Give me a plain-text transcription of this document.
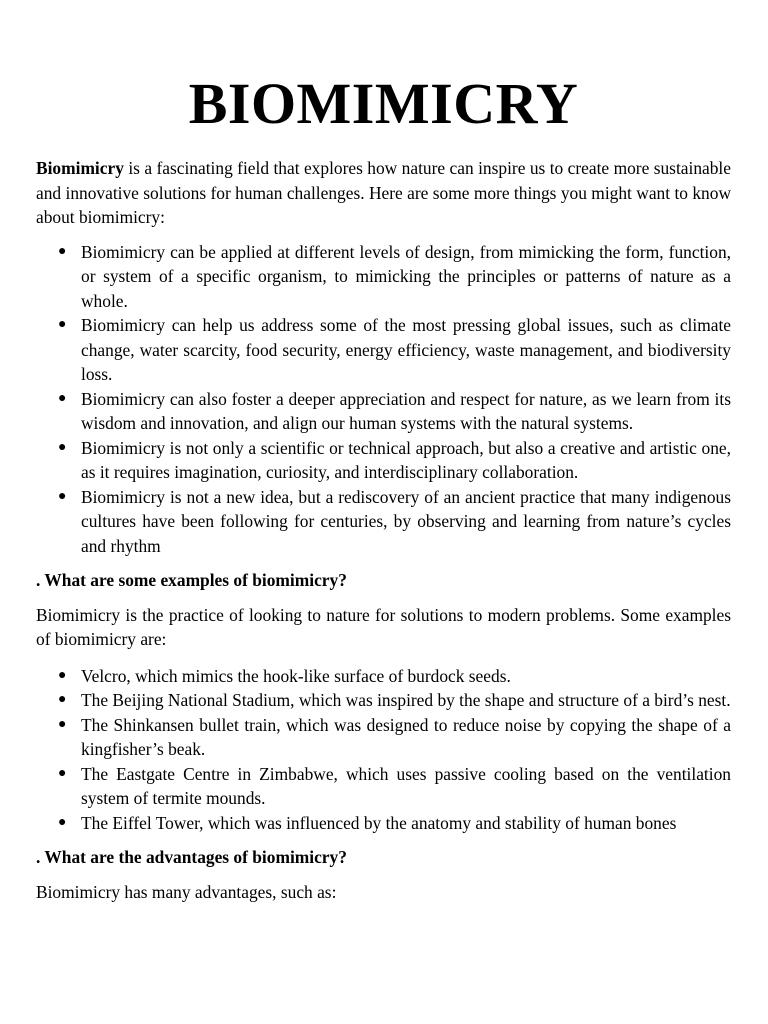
BIOMIMICRY

Biomimicry is a fascinating field that explores how nature can inspire us to create more sustainable and innovative solutions for human challenges. Here are some more things you might want to know about biomimicry:

● Biomimicry can be applied at different levels of design, from mimicking the form, function, or system of a specific organism, to mimicking the principles or patterns of nature as a whole.
● Biomimicry can help us address some of the most pressing global issues, such as climate change, water scarcity, food security, energy efficiency, waste management, and biodiversity loss.
● Biomimicry can also foster a deeper appreciation and respect for nature, as we learn from its wisdom and innovation, and align our human systems with the natural systems.
● Biomimicry is not only a scientific or technical approach, but also a creative and artistic one, as it requires imagination, curiosity, and interdisciplinary collaboration.
● Biomimicry is not a new idea, but a rediscovery of an ancient practice that many indigenous cultures have been following for centuries, by observing and learning from nature’s cycles and rhythm

. What are some examples of biomimicry?

Biomimicry is the practice of looking to nature for solutions to modern problems. Some examples of biomimicry are:

● Velcro, which mimics the hook-like surface of burdock seeds.
● The Beijing National Stadium, which was inspired by the shape and structure of a bird’s nest.
● The Shinkansen bullet train, which was designed to reduce noise by copying the shape of a kingfisher’s beak.
● The Eastgate Centre in Zimbabwe, which uses passive cooling based on the ventilation system of termite mounds.
● The Eiffel Tower, which was influenced by the anatomy and stability of human bones

. What are the advantages of biomimicry?

Biomimicry has many advantages, such as:
